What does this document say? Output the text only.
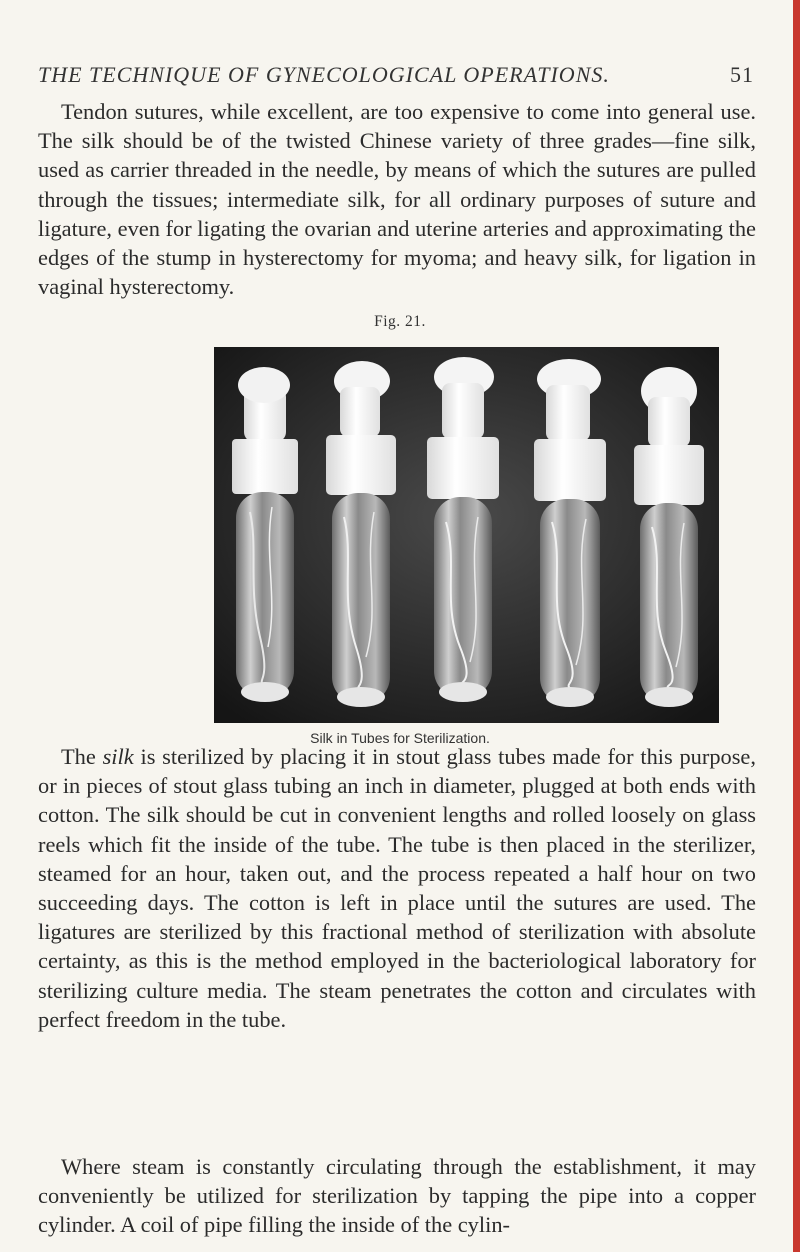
THE TECHNIQUE OF GYNECOLOGICAL OPERATIONS.	51

Tendon sutures, while excellent, are too expensive to come into general use. The silk should be of the twisted Chinese variety of three grades—fine silk, used as carrier threaded in the needle, by means of which the sutures are pulled through the tissues; intermediate silk, for all ordinary purposes of suture and ligature, even for ligating the ovarian and uterine arteries and approximating the edges of the stump in hysterectomy for myoma; and heavy silk, for ligation in vaginal hysterectomy.

Fig. 21.
Silk in Tubes for Sterilization.

The silk is sterilized by placing it in stout glass tubes made for this purpose, or in pieces of stout glass tubing an inch in diameter, plugged at both ends with cotton. The silk should be cut in convenient lengths and rolled loosely on glass reels which fit the inside of the tube. The tube is then placed in the sterilizer, steamed for an hour, taken out, and the process repeated a half hour on two succeeding days. The cotton is left in place until the sutures are used. The ligatures are sterilized by this fractional method of sterilization with absolute certainty, as this is the method employed in the bacteriological laboratory for sterilizing culture media. The steam penetrates the cotton and circulates with perfect freedom in the tube.

Where steam is constantly circulating through the establishment, it may conveniently be utilized for sterilization by tapping the pipe into a copper cylinder. A coil of pipe filling the inside of the cylin-
